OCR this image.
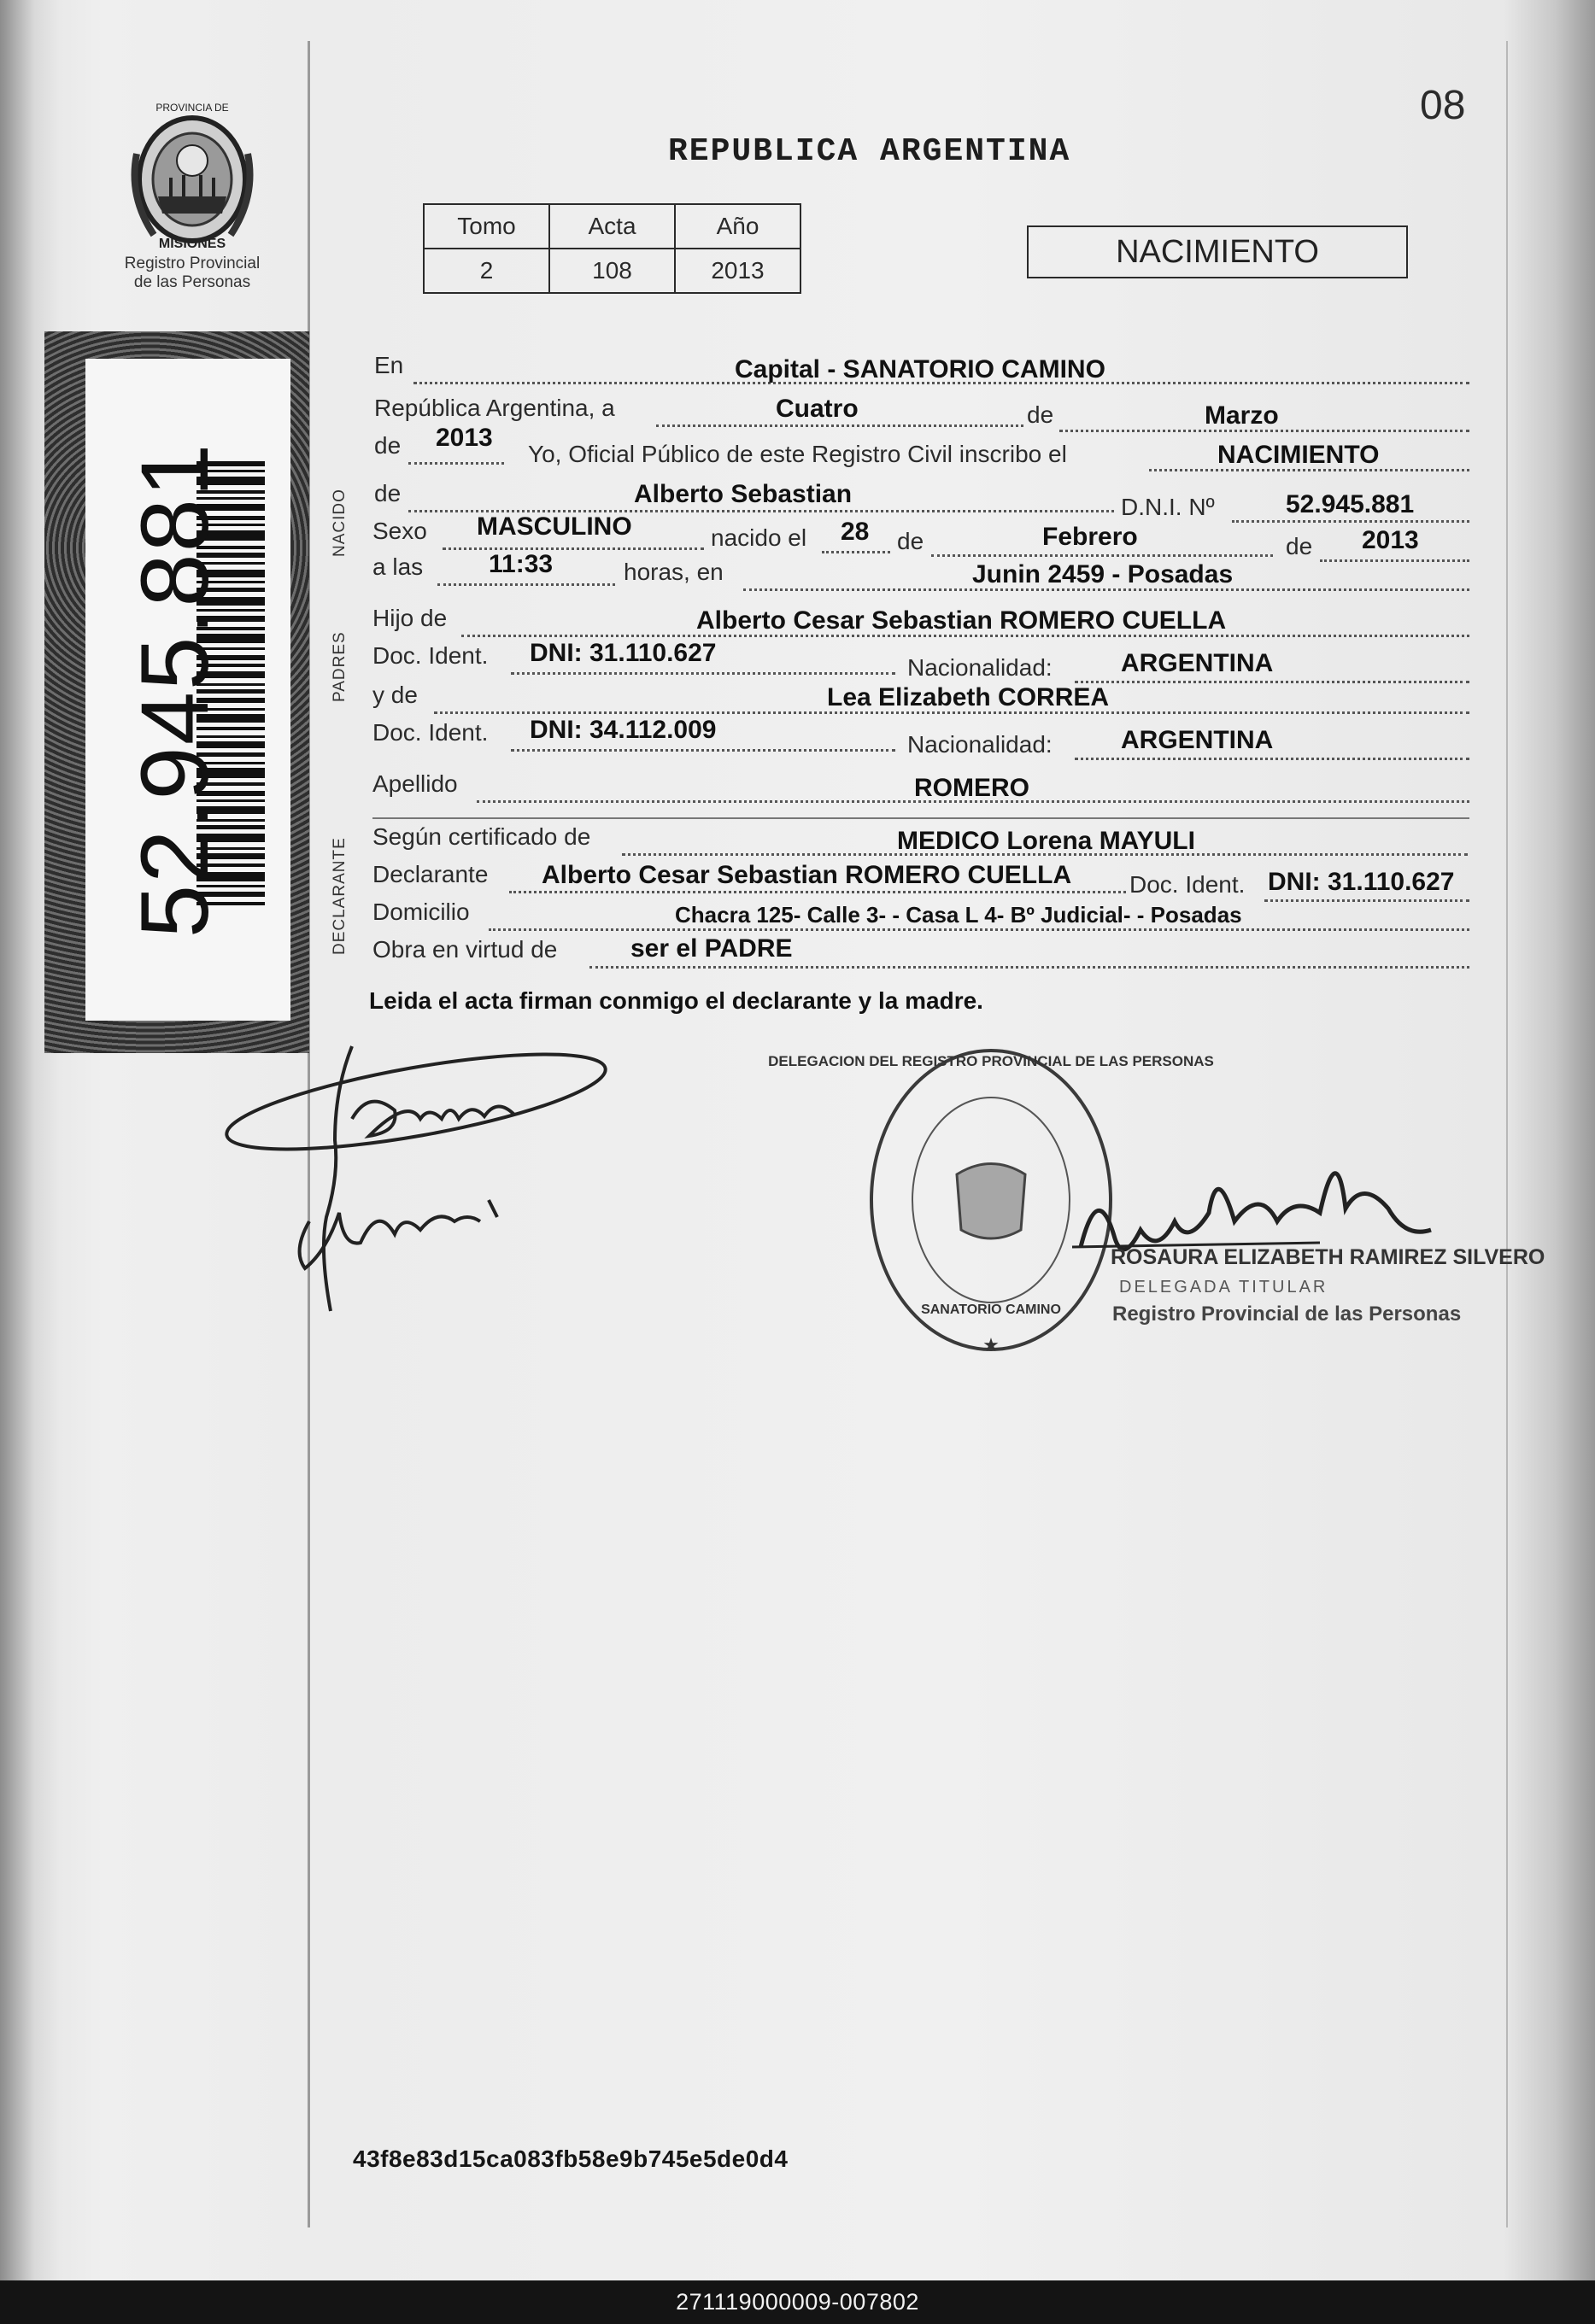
PROVINCIA DE
MISIONES
Registro Provincial
de las Personas
52.945.881
08
REPUBLICA ARGENTINA
Tomo	Acta	Año
2	108	2013
NACIMIENTO
NACIDO
PADRES
DECLARANTE
En	Capital - SANATORIO CAMINO
República Argentina, a	Cuatro	de	Marzo
de 2013
Yo, Oficial Público de este Registro Civil inscribo el	NACIMIENTO
de	Alberto Sebastian	D.N.I. Nº	52.945.881
Sexo MASCULINO	nacido el 28 de	Febrero	de 2013
a las	11:33	horas, en	Junin 2459 - Posadas
Hijo de	Alberto Cesar Sebastian ROMERO CUELLA
Doc. Ident. DNI: 31.110.627
Nacionalidad:	ARGENTINA
y de	Lea Elizabeth CORREA
Doc. Ident. DNI: 34.112.009
Nacionalidad:	ARGENTINA
Apellido	ROMERO
Según certificado de	MEDICO Lorena MAYULI
Declarante Alberto Cesar Sebastian ROMERO CUELLA Doc. Ident. DNI: 31.110.627
Domicilio	Chacra 125- Calle 3- - Casa L 4- Bº Judicial- - Posadas
Obra en virtud de	ser el PADRE
Leida el acta firman conmigo el declarante y la madre.
DELEGACION DEL REGISTRO PROVINCIAL DE LAS PERSONAS
SANATORIO CAMINO
★
ROSAURA ELIZABETH RAMIREZ SILVERO
DELEGADA TITULAR
Registro Provincial de las Personas
43f8e83d15ca083fb58e9b745e5de0d4
271119000009-007802
